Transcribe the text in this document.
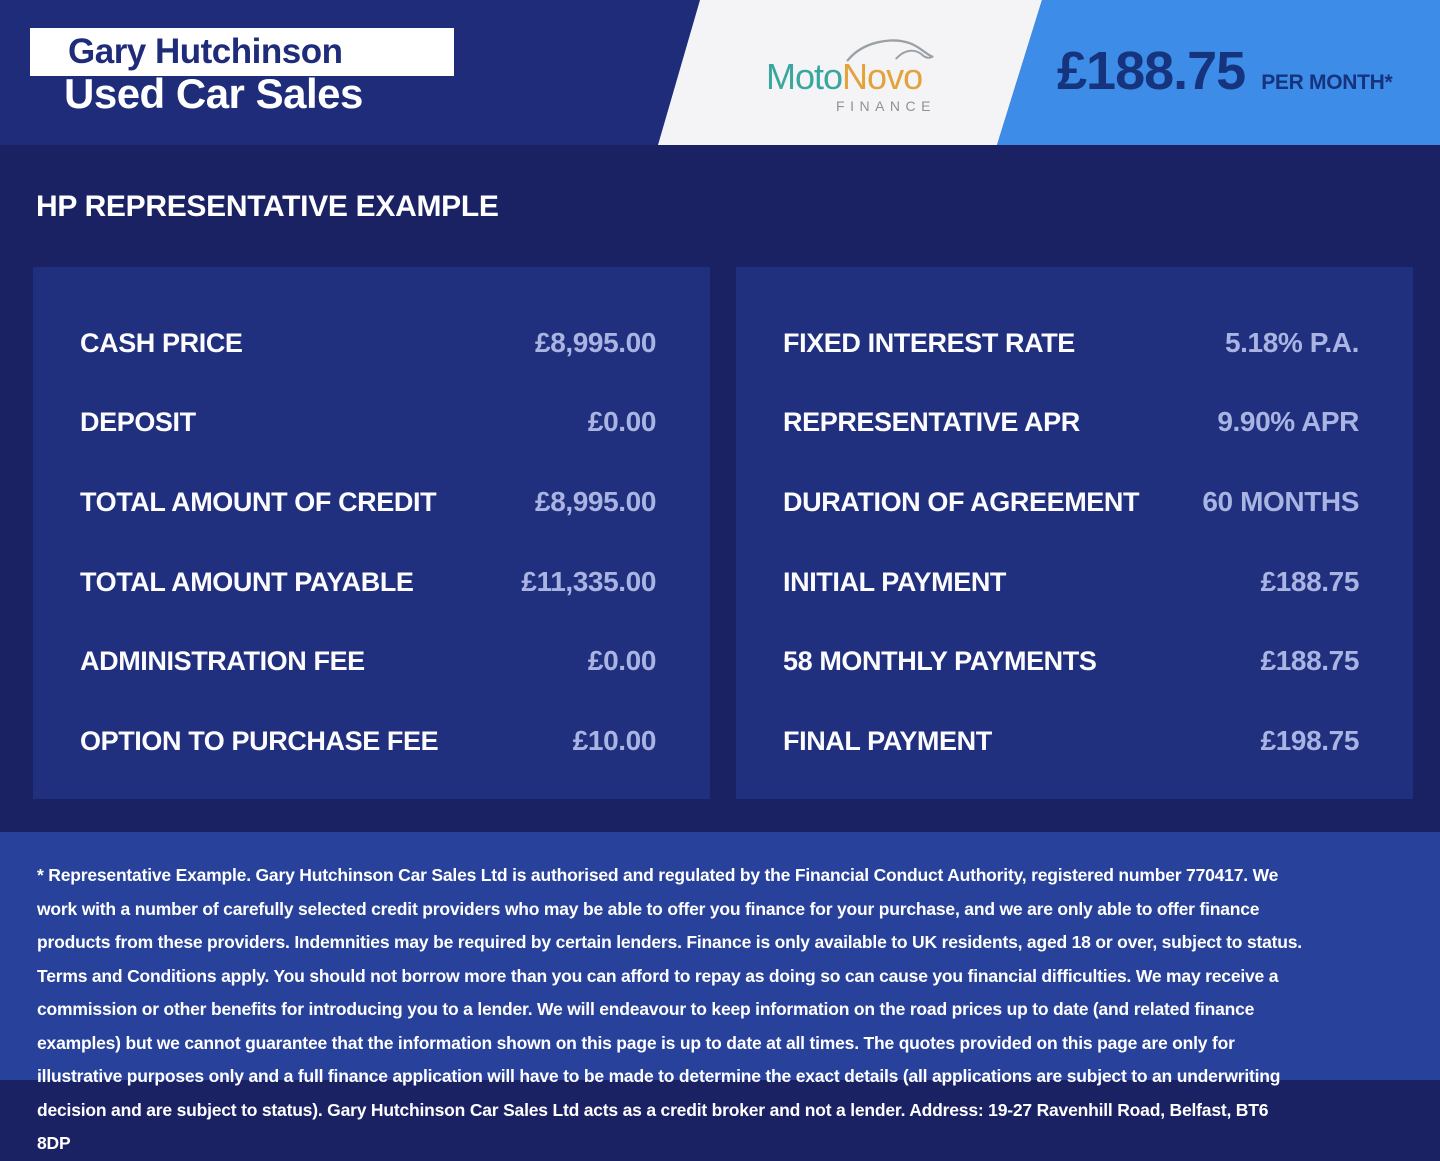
Gary Hutchinson
Used Car Sales	MotoNovo
FINANCE
£188.75 PER MONTH*
HP REPRESENTATIVE EXAMPLE
CASH PRICE	£8,995.00
DEPOSIT	£0.00
TOTAL AMOUNT OF CREDIT	£8,995.00
TOTAL AMOUNT PAYABLE	£11,335.00
ADMINISTRATION FEE	£0.00
OPTION TO PURCHASE FEE	£10.00
FIXED INTEREST RATE	5.18% P.A.
REPRESENTATIVE APR	9.90% APR
DURATION OF AGREEMENT 60 MONTHS
INITIAL PAYMENT	£188.75
58 MONTHLY PAYMENTS	£188.75
FINAL PAYMENT	£198.75

* Representative Example. Gary Hutchinson Car Sales Ltd is authorised and regulated by the Financial Conduct Authority, registered number 770417. We work with a number of carefully selected credit providers who may be able to offer you finance for your purchase, and we are only able to offer finance products from these providers. Indemnities may be required by certain lenders. Finance is only available to UK residents, aged 18 or over, subject to status. Terms and Conditions apply. You should not borrow more than you can afford to repay as doing so can cause you financial difficulties. We may receive a commission or other benefits for introducing you to a lender. We will endeavour to keep information on the road prices up to date (and related finance examples) but we cannot guarantee that the information shown on this page is up to date at all times. The quotes provided on this page are only for illustrative purposes only and a full finance application will have to be made to determine the exact details (all applications are subject to an underwriting decision and are subject to status). Gary Hutchinson Car Sales Ltd acts as a credit broker and not a lender. Address: 19-27 Ravenhill Road, Belfast, BT6 8DP
